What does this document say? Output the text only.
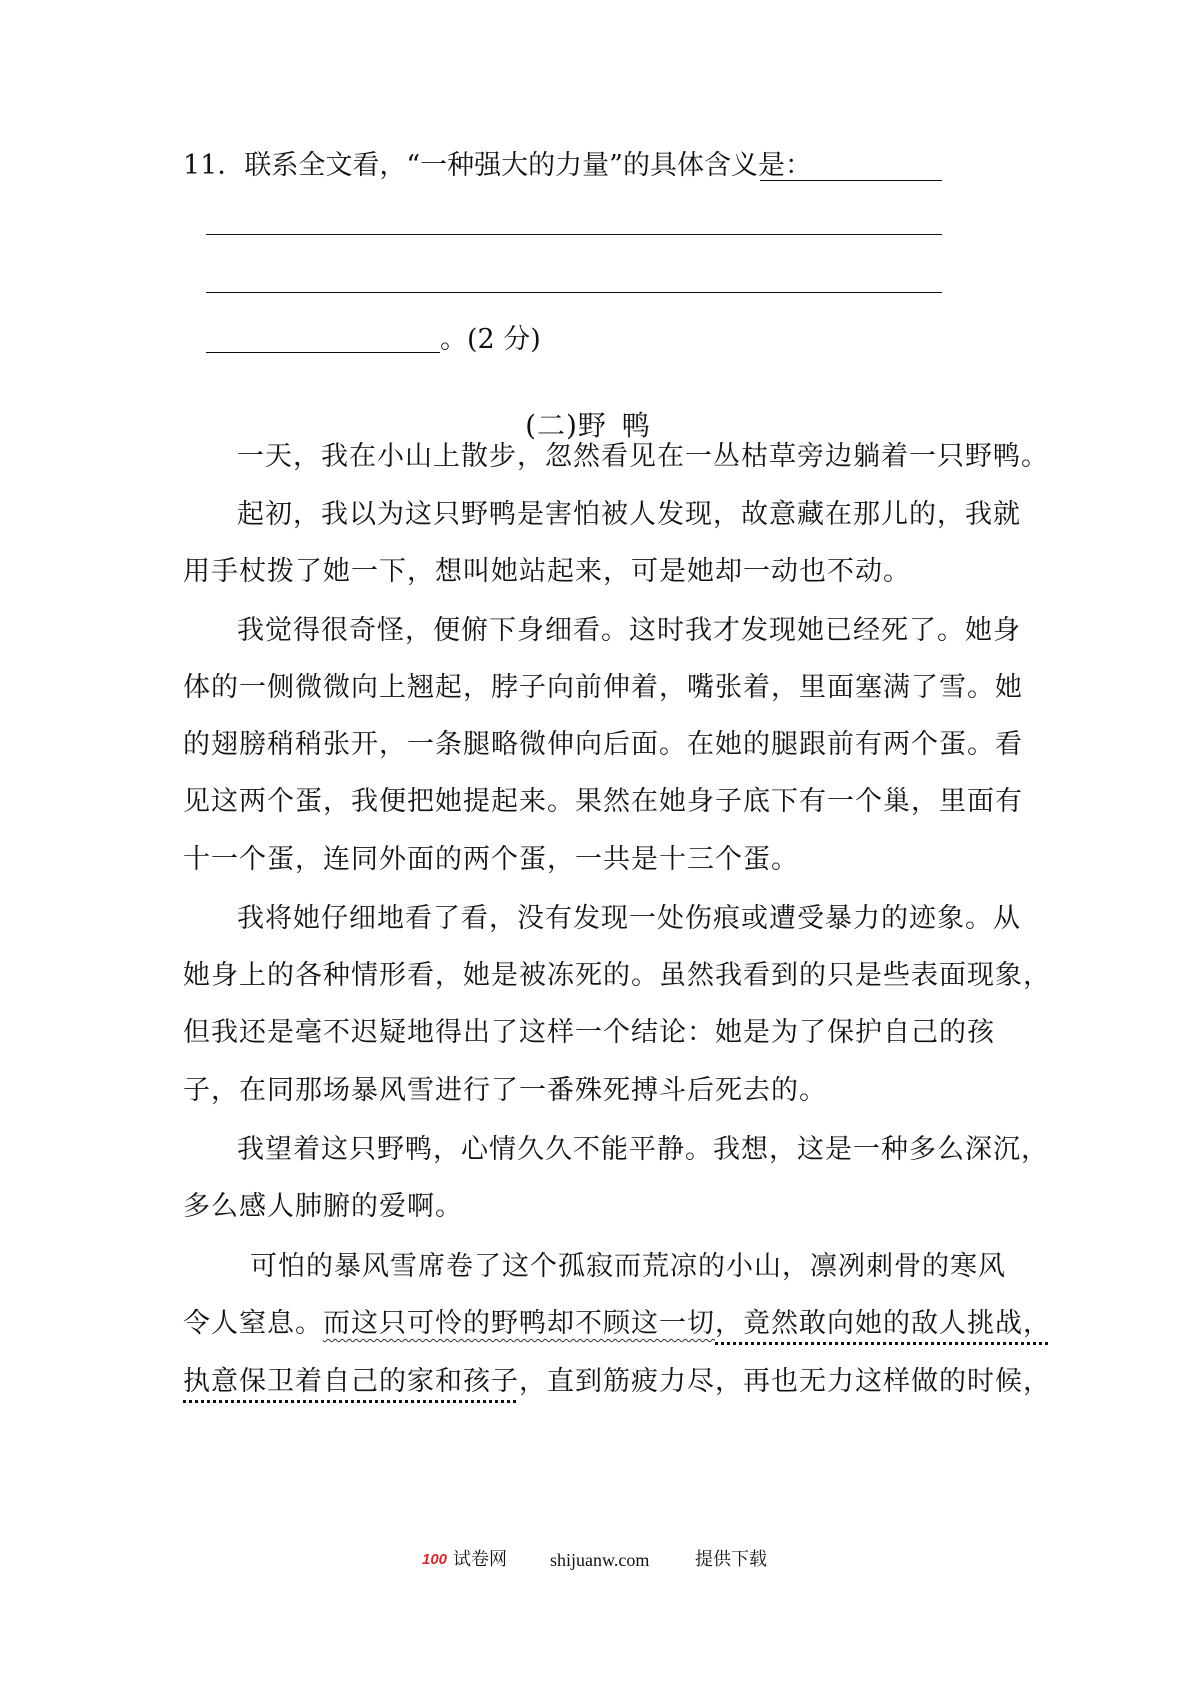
11．联系全文看，“一种强大的力量”的具体含义是：
。(2 分)
(二)野鸭
一天，我在小山上散步，忽然看见在一丛枯草旁边躺着一只野鸭。
起初，我以为这只野鸭是害怕被人发现，故意藏在那儿的，我就
用手杖拨了她一下，想叫她站起来，可是她却一动也不动。
我觉得很奇怪，便俯下身细看。这时我才发现她已经死了。她身
体的一侧微微向上翘起，脖子向前伸着，嘴张着，里面塞满了雪。她
的翅膀稍稍张开，一条腿略微伸向后面。在她的腿跟前有两个蛋。看
见这两个蛋，我便把她提起来。果然在她身子底下有一个巢，里面有
十一个蛋，连同外面的两个蛋，一共是十三个蛋。
我将她仔细地看了看，没有发现一处伤痕或遭受暴力的迹象。从
她身上的各种情形看，她是被冻死的。虽然我看到的只是些表面现象，
但我还是毫不迟疑地得出了这样一个结论：她是为了保护自己的孩
子，在同那场暴风雪进行了一番殊死搏斗后死去的。
我望着这只野鸭，心情久久不能平静。我想，这是一种多么深沉，
多么感人肺腑的爱啊。
可怕的暴风雪席卷了这个孤寂而荒凉的小山，凛冽刺骨的寒风
令人窒息。而这只可怜的野鸭却不顾这一切，竟然敢向她的敌人挑战，
执意保卫着自己的家和孩子，直到筋疲力尽，再也无力这样做的时候，
100 试卷网 shijuanw.com	提供下载
